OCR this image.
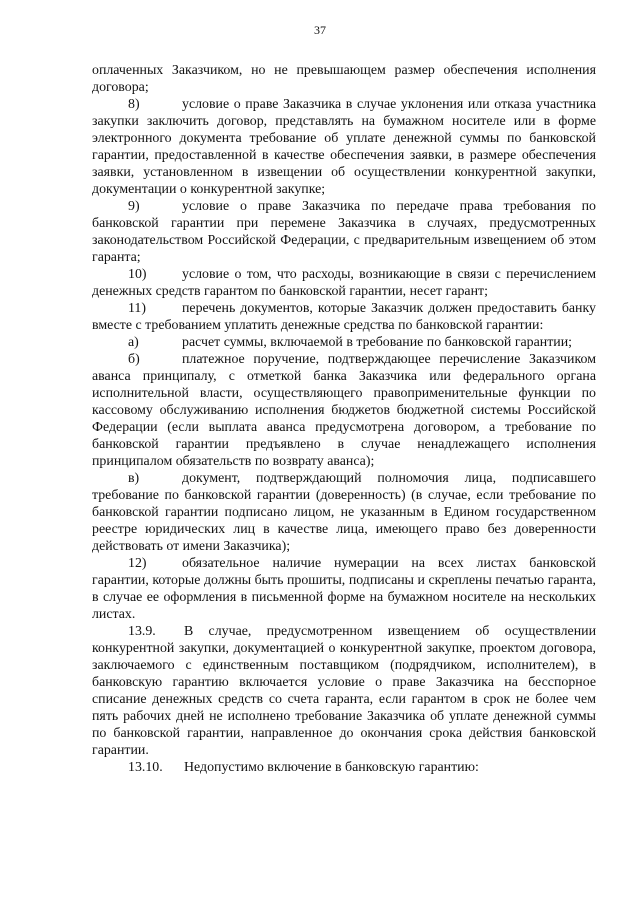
37

оплаченных Заказчиком, но не превышающем размер обеспечения исполнения договора;

8)	условие о праве Заказчика в случае уклонения или отказа участника закупки заключить договор, представлять на бумажном носителе или в форме электронного документа требование об уплате денежной суммы по банковской гарантии, предоставленной в качестве обеспечения заявки, в размере обеспечения заявки, установленном в извещении об осуществлении конкурентной закупки, документации о конкурентной закупке;

9)	условие о праве Заказчика по передаче права требования по банковской гарантии при перемене Заказчика в случаях, предусмотренных законодательством Российской Федерации, с предварительным извещением об этом гаранта;

10)	условие о том, что расходы, возникающие в связи с перечислением денежных средств гарантом по банковской гарантии, несет гарант;

11)	перечень документов, которые Заказчик должен предоставить банку вместе с требованием уплатить денежные средства по банковской гарантии:

а)	расчет суммы, включаемой в требование по банковской гарантии;

б)	платежное поручение, подтверждающее перечисление Заказчиком аванса принципалу, с отметкой банка Заказчика или федерального органа исполнительной власти, осуществляющего правоприменительные функции по кассовому обслуживанию исполнения бюджетов бюджетной системы Российской Федерации (если выплата аванса предусмотрена договором, а требование по банковской гарантии предъявлено в случае ненадлежащего исполнения принципалом обязательств по возврату аванса);

в)	документ, подтверждающий полномочия лица, подписавшего требование по банковской гарантии (доверенность) (в случае, если требование по банковской гарантии подписано лицом, не указанным в Едином государственном реестре юридических лиц в качестве лица, имеющего право без доверенности действовать от имени Заказчика);

12)	обязательное наличие нумерации на всех листах банковской гарантии, которые должны быть прошиты, подписаны и скреплены печатью гаранта, в случае ее оформления в письменной форме на бумажном носителе на нескольких листах.

13.9. В случае, предусмотренном извещением об осуществлении конкурентной закупки, документацией о конкурентной закупке, проектом договора, заключаемого с единственным поставщиком (подрядчиком, исполнителем), в банковскую гарантию включается условие о праве Заказчика на бесспорное списание денежных средств со счета гаранта, если гарантом в срок не более чем пять рабочих дней не исполнено требование Заказчика об уплате денежной суммы по банковской гарантии, направленное до окончания срока действия банковской гарантии.

13.10. Недопустимо включение в банковскую гарантию:
